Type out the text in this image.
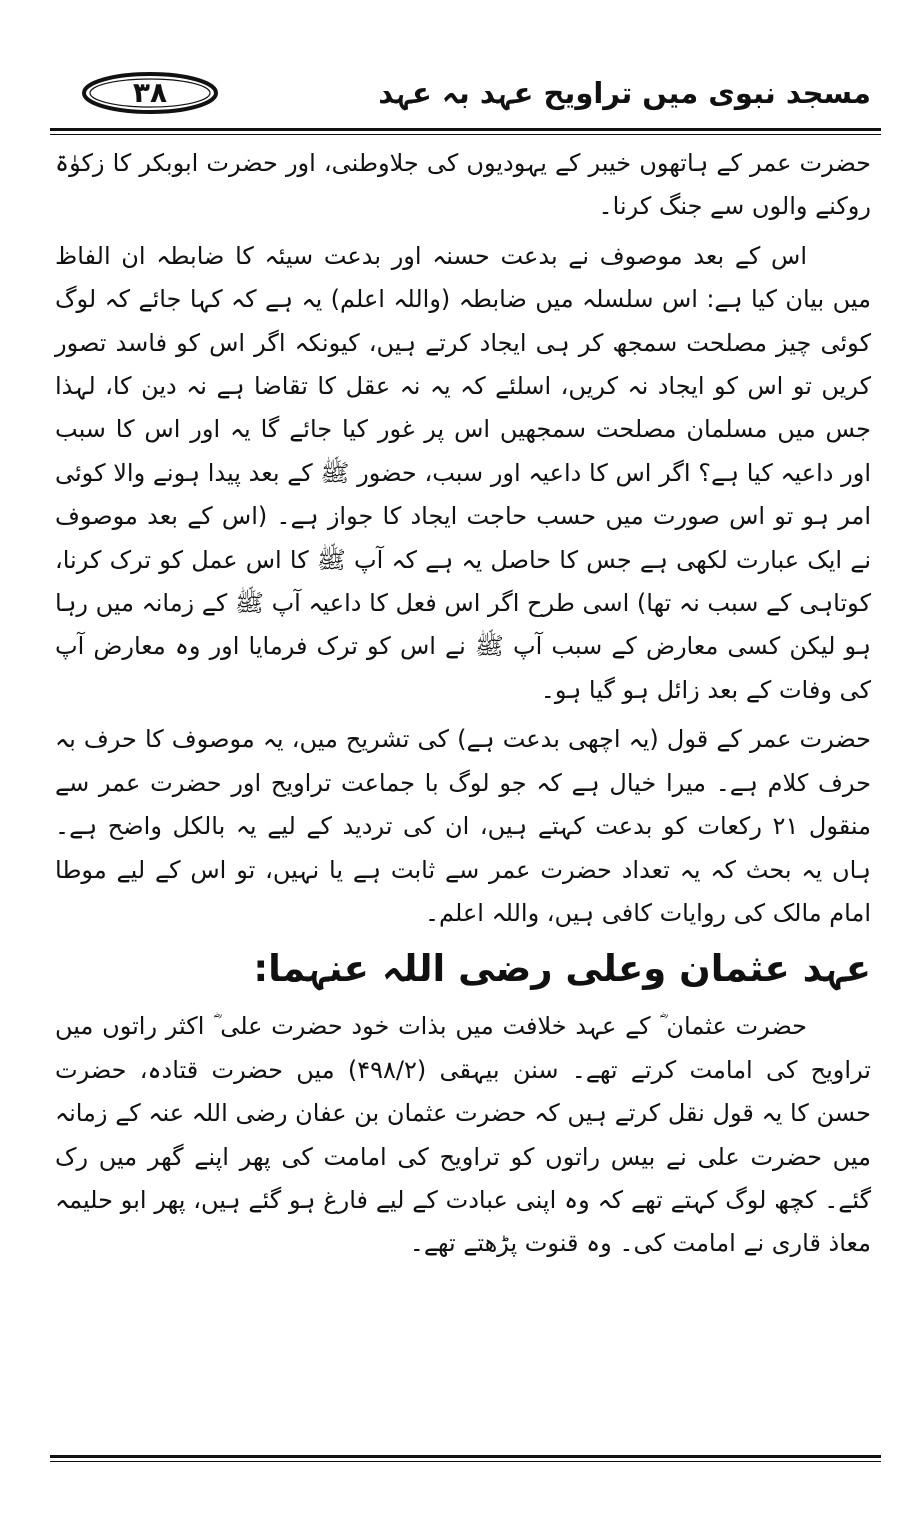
مسجد نبوی میں تراویح عہد بہ عہد
۳۸

حضرت عمر کے ہاتھوں خیبر کے یہودیوں کی جلاوطنی، اور حضرت ابوبکر کا زکوٰۃ روکنے والوں سے جنگ کرنا۔

اس کے بعد موصوف نے بدعت حسنہ اور بدعت سیئہ کا ضابطہ ان الفاظ میں بیان کیا ہے: اس سلسلہ میں ضابطہ (واللہ اعلم) یہ ہے کہ کہا جائے کہ لوگ کوئی چیز مصلحت سمجھ کر ہی ایجاد کرتے ہیں، کیونکہ اگر اس کو فاسد تصور کریں تو اس کو ایجاد نہ کریں، اسلئے کہ یہ نہ عقل کا تقاضا ہے نہ دین کا، لہذا جس میں مسلمان مصلحت سمجھیں اس پر غور کیا جائے گا یہ اور اس کا سبب اور داعیہ کیا ہے؟ اگر اس کا داعیہ اور سبب، حضور ﷺ کے بعد پیدا ہونے والا کوئی امر ہو تو اس صورت میں حسب حاجت ایجاد کا جواز ہے۔ (اس کے بعد موصوف نے ایک عبارت لکھی ہے جس کا حاصل یہ ہے کہ آپ ﷺ کا اس عمل کو ترک کرنا، کوتاہی کے سبب نہ تھا) اسی طرح اگر اس فعل کا داعیہ آپ ﷺ کے زمانہ میں رہا ہو لیکن کسی معارض کے سبب آپ ﷺ نے اس کو ترک فرمایا اور وہ معارض آپ کی وفات کے بعد زائل ہو گیا ہو۔

حضرت عمر کے قول (یہ اچھی بدعت ہے) کی تشریح میں، یہ موصوف کا حرف بہ حرف کلام ہے۔ میرا خیال ہے کہ جو لوگ با جماعت تراویح اور حضرت عمر سے منقول ۲۱ رکعات کو بدعت کہتے ہیں، ان کی تردید کے لیے یہ بالکل واضح ہے۔ ہاں یہ بحث کہ یہ تعداد حضرت عمر سے ثابت ہے یا نہیں، تو اس کے لیے موطا امام مالک کی روایات کافی ہیں، واللہ اعلم۔

عہد عثمان وعلی رضی اللہ عنہما:

حضرت عثمان ؓ کے عہد خلافت میں بذات خود حضرت علی ؓ اکثر راتوں میں تراویح کی امامت کرتے تھے۔ سنن بیہقی (۴۹۸/۲) میں حضرت قتادہ، حضرت حسن کا یہ قول نقل کرتے ہیں کہ حضرت عثمان بن عفان رضی اللہ عنہ کے زمانہ میں حضرت علی نے بیس راتوں کو تراویح کی امامت کی پھر اپنے گھر میں رک گئے۔ کچھ لوگ کہتے تھے کہ وہ اپنی عبادت کے لیے فارغ ہو گئے ہیں، پھر ابو حلیمہ معاذ قاری نے امامت کی۔ وہ قنوت پڑھتے تھے۔
